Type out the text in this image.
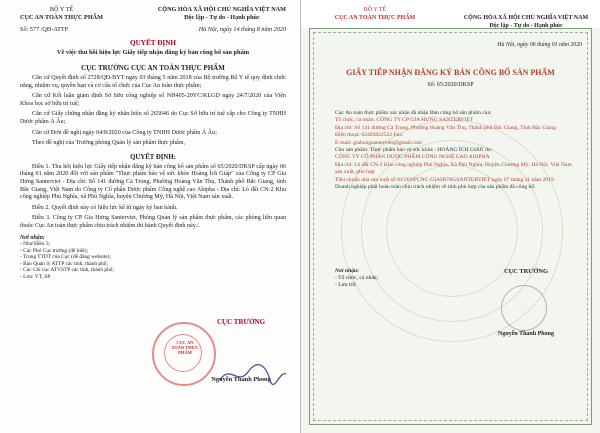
BỘ Y TẾ
CỤC AN TOÀN THỰC PHẨM
CỘNG HÒA XÃ HỘI CHỦ NGHĨA VIỆT NAM
Độc lập - Tự do - Hạnh phúc
Số: 577 /QĐ-ATTP	Hà Nội, ngày 14 tháng 8 năm 2020
QUYẾT ĐỊNH
Về việc thu hồi hiệu lực Giấy tiếp nhận đăng ký bản công bố sản phẩm
CỤC TRƯỞNG CỤC AN TOÀN THỰC PHẨM
Căn cứ Quyết định số 2728/QĐ-BYT ngày 03 tháng 5 năm 2018 của Bộ trưởng Bộ Y tế quy định chức năng, nhiệm vụ, quyền hạn và cơ cấu tổ chức của Cục An toàn thực phẩm;
Căn cứ Kết luận giám định Sở hữu công nghiệp số NH405-20YC/KLGD ngày 24/7/2020 của Viện Khoa học sở hữu trí tuệ;
Căn cứ Giấy chứng nhận đăng ký nhãn hiệu số 265646 do Cục Sở hữu trí tuệ cấp cho Công ty TNHH Dược phẩm Á Âu;
Căn cứ Đơn đề nghị ngày 04/8/2020 của Công ty TNHH Dược phẩm Á Âu;
Theo đề nghị của Trưởng phòng Quản lý sản phẩm thực phẩm,
QUYẾT ĐỊNH:
Điều 1. Thu hồi hiệu lực Giấy tiếp nhận đăng ký bản công bố sản phẩm số 65/2020/DKSP cấp ngày 06 tháng 01 năm 2020 đối với sản phẩm "Thực phẩm bảo vệ sức khỏe Hoàng Ích Giáp" của Công ty CP Gia Hưng Santerviet - Địa chỉ: Số 141 đường Cả Trọng, Phường Hoàng Văn Thụ, Thành phố Bắc Giang, tỉnh Bắc Giang, Việt Nam do Công ty Cổ phần Dược phẩm Công nghệ cao Abipha - Địa chỉ: Lô đất CN-2 Khu công nghiệp Phú Nghĩa, xã Phú Nghĩa, huyện Chương Mỹ, Hà Nội, Việt Nam sản xuất.
Điều 2. Quyết định này có hiệu lực kể từ ngày ký ban hành.
Điều 3. Công ty CP Gia Hưng Santerviet, Phòng Quản lý sản phẩm thực phẩm, các phòng liên quan thuộc Cục An toàn thực phẩm chịu trách nhiệm thi hành Quyết định này./.
Nơi nhận:
- Như Điều 3;
- Các Phó Cục trưởng (để biết);
- Trung TTDT của Cục (để đăng website);
- Ban Quản lý ATTP các tỉnh, thành phố;
- Các Chi cục ATVSTP các tỉnh, thành phố;
- Lưu: VT, SP.
CỤC AN TOÀN THỰC PHẨM
CỤC TRƯỞNG
Nguyễn Thanh Phong
BỘ Y TẾ
CỤC AN TOÀN THỰC PHẨM	CỘNG HÒA XÃ HỘI CHỦ NGHĨA VIỆT NAM
Độc lập - Tự do - Hạnh phúc
Hà Nội, ngày 06 tháng 01 năm 2020
GIẤY TIẾP NHẬN ĐĂNG KÝ BẢN CÔNG BỐ SẢN PHẨM
Số: 65/2020/DKSP
Cục An toàn thực phẩm xác nhận đã nhận Bản công bố sản phẩm của:
Tổ chức, cá nhân: CÔNG TY CP GIA HƯNG SANTERVIET
Địa chỉ: Số 141 đường Cả Trọng, Phường Hoàng Văn Thụ, Thành phố Bắc Giang, Tỉnh Bắc Giang
Điện thoại: 02403822522 Fax:
E-mail: giahungsanterviet@gmail.com
Cho sản phẩm: Thực phẩm bảo vệ sức khỏe : HOÀNG ÍCH GIÁP, do:
CÔNG TY CỔ PHẦN DƯỢC PHẨM CÔNG NGHỆ CAO ABIPHA
Địa chỉ: Lô đất CN-2 Khu công nghiệp Phú Nghĩa, Xã Phú Nghĩa, Huyện Chương Mỹ, Hà Nội, Việt Nam sản xuất, phù hợp
Tiêu chuẩn nhà sản xuất số 01/2019/CNC-GIAHUNGSANTERVIET ngày 07 tháng 11 năm 2019.
Doanh nghiệp phải hoàn toàn chịu trách nhiệm về tính phù hợp của sản phẩm đã công bố.
Nơi nhận:
- Tổ chức, cá nhân;
- Lưu trữ.
CỤC TRƯỞNG
Nguyễn Thanh Phong
